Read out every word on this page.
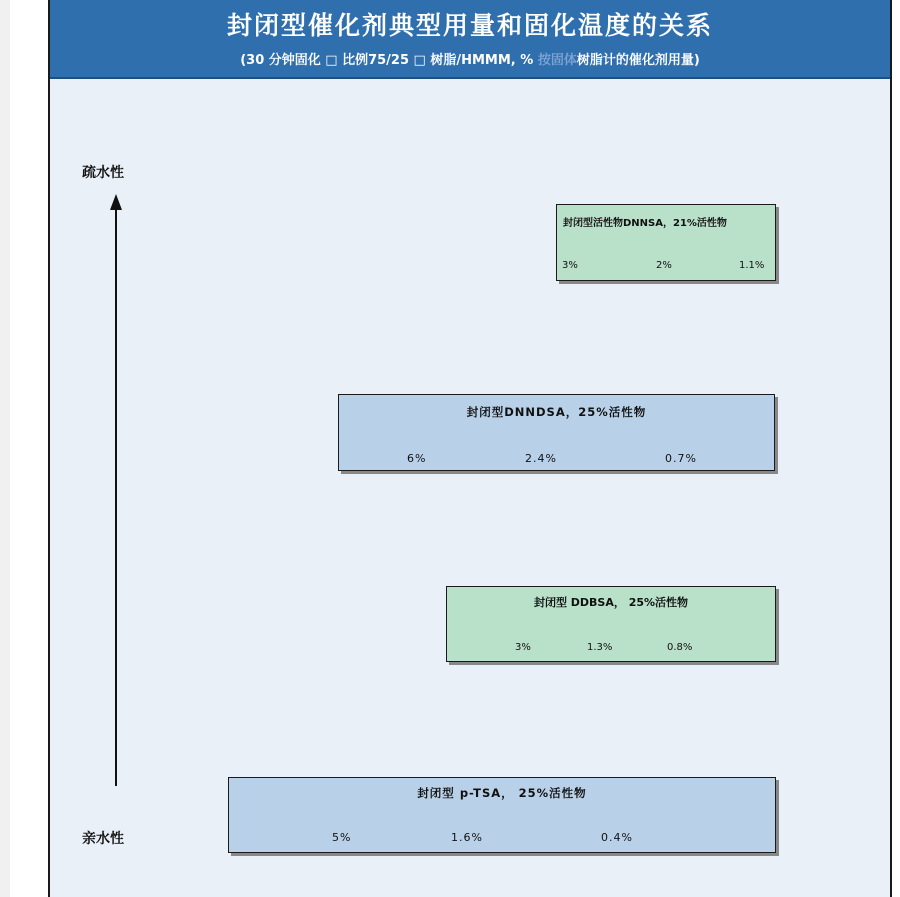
封闭型催化剂典型用量和固化温度的关系
(30 分钟固化 □ 比例75/25 □ 树脂/HMMM, % 按固体树脂计的催化剂用量)
疏水性
亲水性
封闭型活性物DNNSA，21%活性物
3%	2%	1.1%
封闭型DNNDSA，25%活性物
6%	2.4%	0.7%
封闭型 DDBSA， 25%活性物
3%	1.3%	0.8%
封闭型 p-TSA， 25%活性物
5%	1.6%	0.4%
